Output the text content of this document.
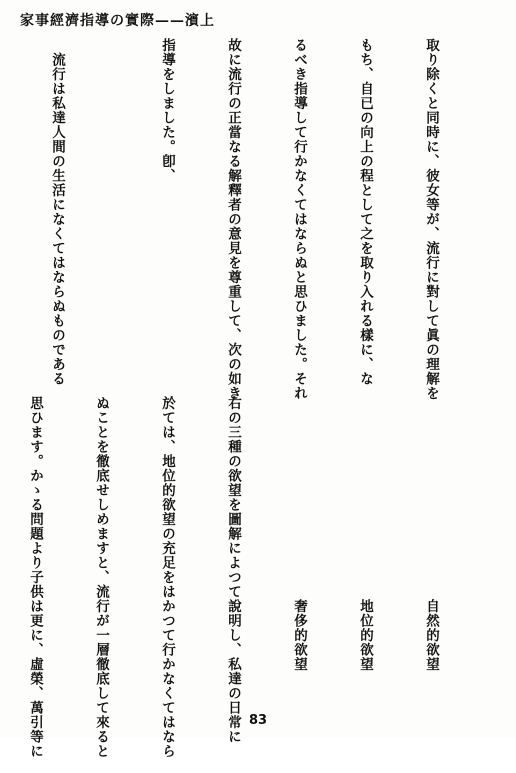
家事經濟指導の實際——濱上

取り除くと同時に、彼女等が、流行に對して眞の理解を

もち、自已の向上の程として之を取り入れる樣に、な

るべき指導して行かなくてはならぬと思ひました。それ

故に流行の正當なる解釋者の意見を尊重して、次の如き

指導をしました。卽、

　流行は私達人間の生活になくてはならぬものである

　　　　　　　　　　　　　　自然的欲望

　　　　　　　　　　　　　　地位的欲望

　　　　　　　　　　　　　　奢侈的欲望

右の三種の欲望を圖解によつて說明し、私達の日常に

於ては、地位的欲望の充足をはかつて行かなくてはなら

ぬことを徹底せしめますと、流行が一層徹底して來ると

思ひます。かゝる問題より子供は更に、虛榮、萬引等に

	83
